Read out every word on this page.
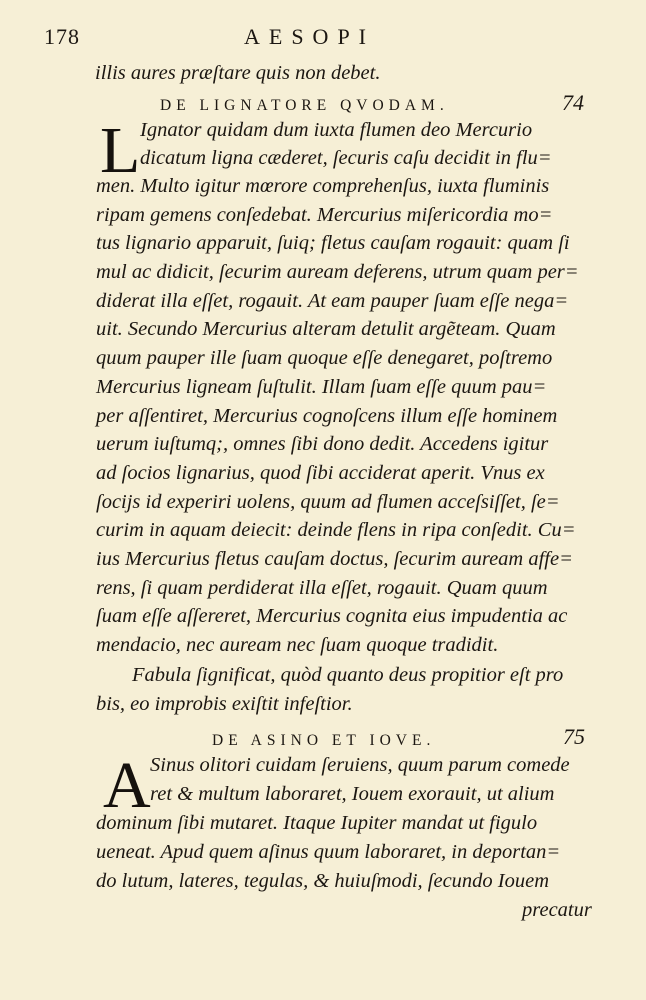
178	AESOPI
illis aures præſtare quis non debet.
DE LIGNATORE QVODAM.	74
L Ignator quidam dum iuxta flumen deo Mercurio
dicatum ligna cæderet, ſecuris caſu decidit in flu=
men. Multo igitur mœrore comprehenſus, iuxta fluminis
ripam gemens conſedebat. Mercurius miſericordia mo=
tus lignario apparuit, ſuiq; fletus cauſam rogauit: quam ſi
mul ac didicit, ſecurim auream deferens, utrum quam per=
diderat illa eſſet, rogauit. At eam pauper ſuam eſſe nega=
uit. Secundo Mercurius alteram detulit argẽteam. Quam
quum pauper ille ſuam quoque eſſe denegaret, poſtremo
Mercurius ligneam ſuſtulit. Illam ſuam eſſe quum pau=
per aſſentiret, Mercurius cognoſcens illum eſſe hominem
uerum iuſtumq;, omnes ſibi dono dedit. Accedens igitur
ad ſocios lignarius, quod ſibi acciderat aperit. Vnus ex
ſocijs id experiri uolens, quum ad flumen acceſsiſſet, ſe=
curim in aquam deiecit: deinde flens in ripa conſedit. Cu=
ius Mercurius fletus cauſam doctus, ſecurim auream affe=
rens, ſi quam perdiderat illa eſſet, rogauit. Quam quum
ſuam eſſe aſſereret, Mercurius cognita eius impudentia ac
mendacio, nec auream nec ſuam quoque tradidit.
Fabula ſignificat, quòd quanto deus propitior eſt pro
bis, eo improbis exiſtit infeſtior.
DE ASINO ET IOVE.	75
A Sinus olitori cuidam ſeruiens, quum parum comede
ret & multum laboraret, Iouem exorauit, ut alium
dominum ſibi mutaret. Itaque Iupiter mandat ut figulo
ueneat. Apud quem aſinus quum laboraret, in deportan=
do lutum, lateres, tegulas, & huiuſmodi, ſecundo Iouem
precatur
